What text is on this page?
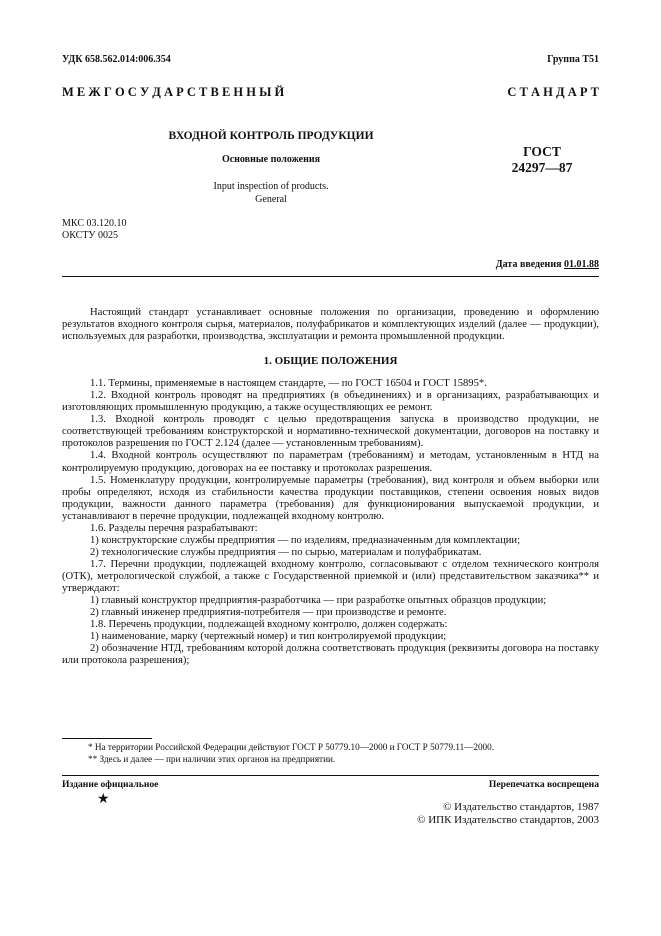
УДК 658.562.014:006.354	Группа Т51
М Е Ж Г О С У Д А Р С Т В Е Н Н Ы Й	С Т А Н Д А Р Т
ВХОДНОЙ КОНТРОЛЬ ПРОДУКЦИИ
Основные положения
Input inspection of products.
General
ГОСТ
24297—87
МКС 03.120.10
ОКСТУ 0025
Дата введения 01.01.88

Настоящий стандарт устанавливает основные положения по организации, проведению и оформлению результатов входного контроля сырья, материалов, полуфабрикатов и комплектующих изделий (далее — продукции), используемых для разработки, производства, эксплуатации и ремонта промышленной продукции.

1. ОБЩИЕ ПОЛОЖЕНИЯ

1.1. Термины, применяемые в настоящем стандарте, — по ГОСТ 16504 и ГОСТ 15895*.

1.2. Входной контроль проводят на предприятиях (в объединениях) и в организациях, разрабатывающих и изготовляющих промышленную продукцию, а также осуществляющих ее ремонт.

1.3. Входной контроль проводят с целью предотвращения запуска в производство продукции, не соответствующей требованиям конструкторской и нормативно-технической документации, договоров на поставку и протоколов разрешения по ГОСТ 2.124 (далее — установленным требованиям).

1.4. Входной контроль осуществляют по параметрам (требованиям) и методам, установленным в НТД на контролируемую продукцию, договорах на ее поставку и протоколах разрешения.

1.5. Номенклатуру продукции, контролируемые параметры (требования), вид контроля и объем выборки или пробы определяют, исходя из стабильности качества продукции поставщиков, степени освоения новых видов продукции, важности данного параметра (требования) для функционирования выпускаемой продукции, и устанавливают в перечне продукции, подлежащей входному контролю.

1.6. Разделы перечня разрабатывают:

1) конструкторские службы предприятия — по изделиям, предназначенным для комплектации;

2) технологические службы предприятия — по сырью, материалам и полуфабрикатам.

1.7. Перечни продукции, подлежащей входному контролю, согласовывают с отделом технического контроля (ОТК), метрологической службой, а также с Государственной приемкой и (или) представительством заказчика** и утверждают:

1) главный конструктор предприятия-разработчика — при разработке опытных образцов продукции;

2) главный инженер предприятия-потребителя — при производстве и ремонте.

1.8. Перечень продукции, подлежащей входному контролю, должен содержать:

1) наименование, марку (чертежный номер) и тип контролируемой продукции;

2) обозначение НТД, требованиям которой должна соответствовать продукция (реквизиты договора на поставку или протокола разрешения);

* На территории Российской Федерации действуют ГОСТ Р 50779.10—2000 и ГОСТ Р 50779.11—2000.

** Здесь и далее — при наличии этих органов на предприятии.

Издание официальное	Перепечатка воспрещена
★	© Издательство стандартов, 1987
© ИПК Издательство стандартов, 2003
